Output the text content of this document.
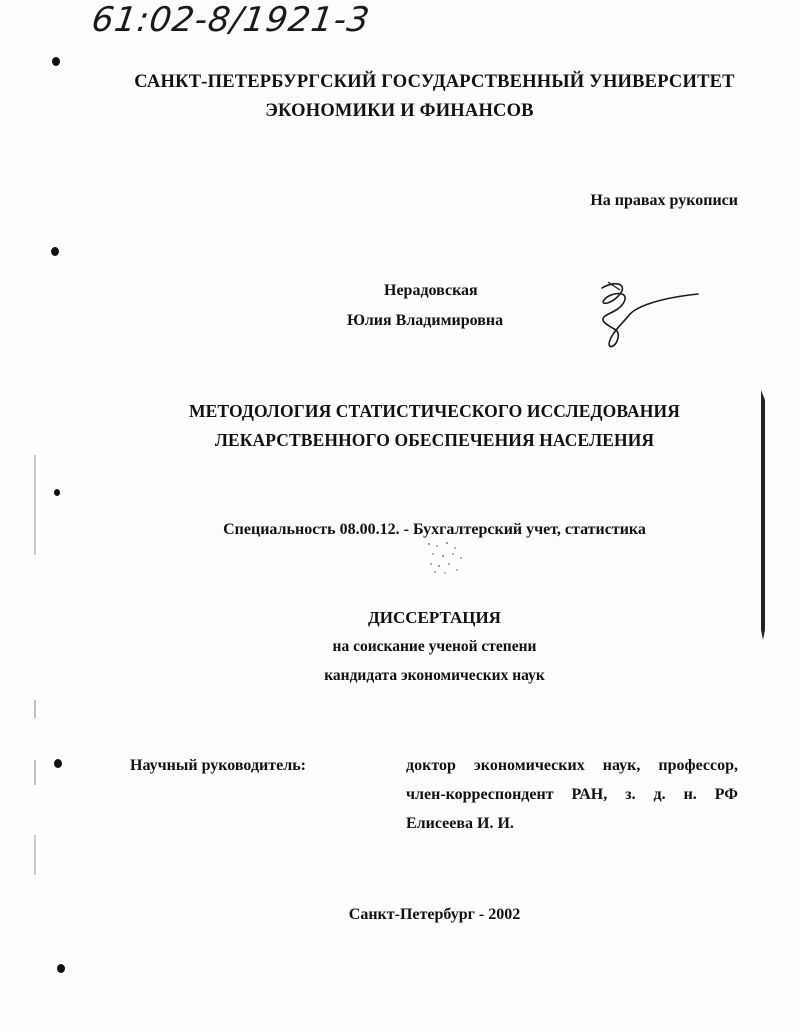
61:02-8/1921-3
САНКТ-ПЕТЕРБУРГСКИЙ ГОСУДАРСТВЕННЫЙ УНИВЕРСИТЕТ
ЭКОНОМИКИ И ФИНАНСОВ
На правах рукописи
Нерадовская
Юлия Владимировна
МЕТОДОЛОГИЯ СТАТИСТИЧЕСКОГО ИССЛЕДОВАНИЯ
ЛЕКАРСТВЕННОГО ОБЕСПЕЧЕНИЯ НАСЕЛЕНИЯ
Специальность 08.00.12. - Бухгалтерский учет, статистика
ДИССЕРТАЦИЯ
на соискание ученой степени
кандидата экономических наук
Научный руководитель:	доктор экономических наук, профессор,
член-корреспондент РАН, з. д. н. РФ
Елисеева И. И.
Санкт-Петербург - 2002
